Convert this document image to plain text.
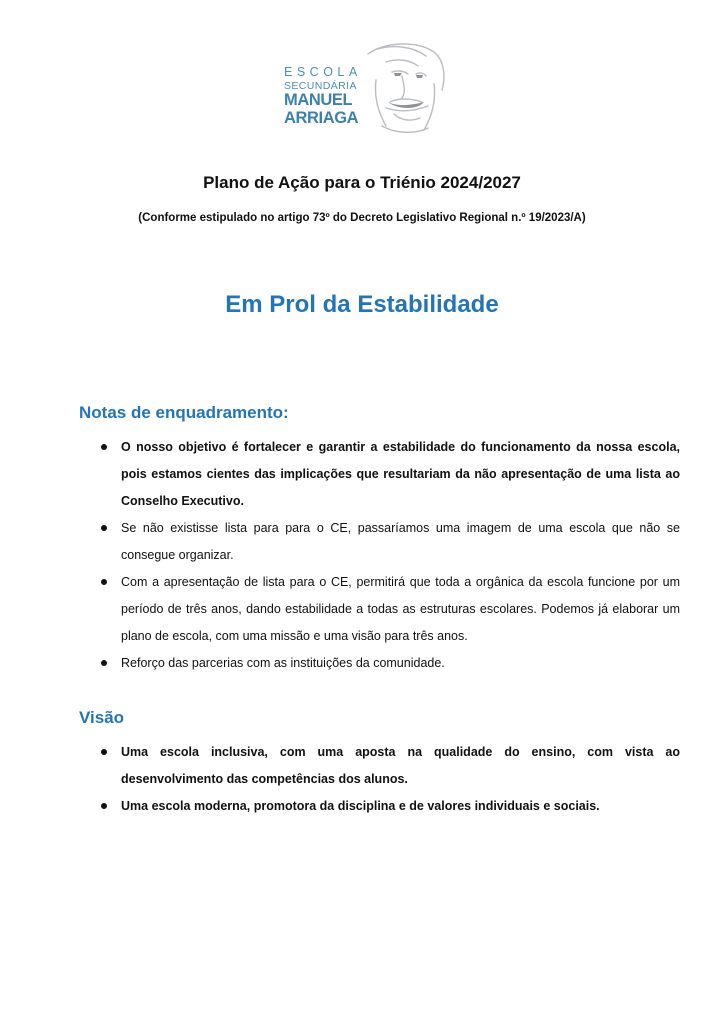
ESCOLA
SECUNDÁRIA
MANUEL
ARRIAGA
Plano de Ação para o Triénio 2024/2027
(Conforme estipulado no artigo 73º do Decreto Legislativo Regional n.º 19/2023/A)
Em Prol da Estabilidade
Notas de enquadramento:
O nosso objetivo é fortalecer e garantir a estabilidade do funcionamento da nossa escola, pois estamos cientes das implicações que resultariam da não apresentação de uma lista ao Conselho Executivo.
Se não existisse lista para para o CE, passaríamos uma imagem de uma escola que não se consegue organizar.
Com a apresentação de lista para o CE, permitirá que toda a orgânica da escola funcione por um período de três anos, dando estabilidade a todas as estruturas escolares. Podemos já elaborar um plano de escola, com uma missão e uma visão para três anos.
Reforço das parcerias com as instituições da comunidade.
Visão
Uma escola inclusiva, com uma aposta na qualidade do ensino, com vista ao desenvolvimento das competências dos alunos.
Uma escola moderna, promotora da disciplina e de valores individuais e sociais.
